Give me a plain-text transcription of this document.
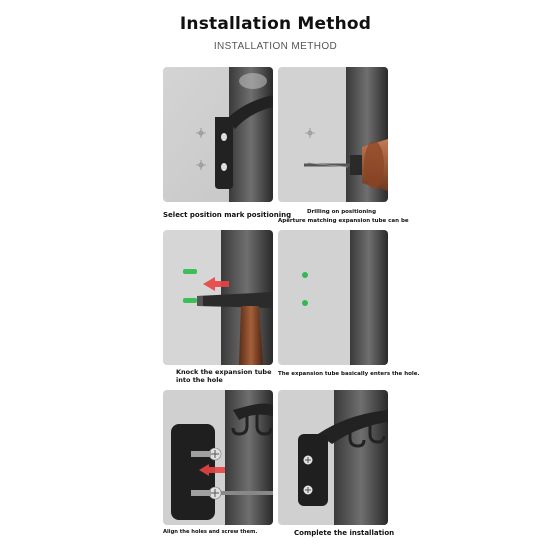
Installation Method
INSTALLATION METHOD
Select position mark positioning	Drilling on positioning
Aperture matching expansion tube can be
Knock the expansion tube
into the hole
The expansion tube basically enters the hole.
Align the holes and screw them.	Complete the installation
